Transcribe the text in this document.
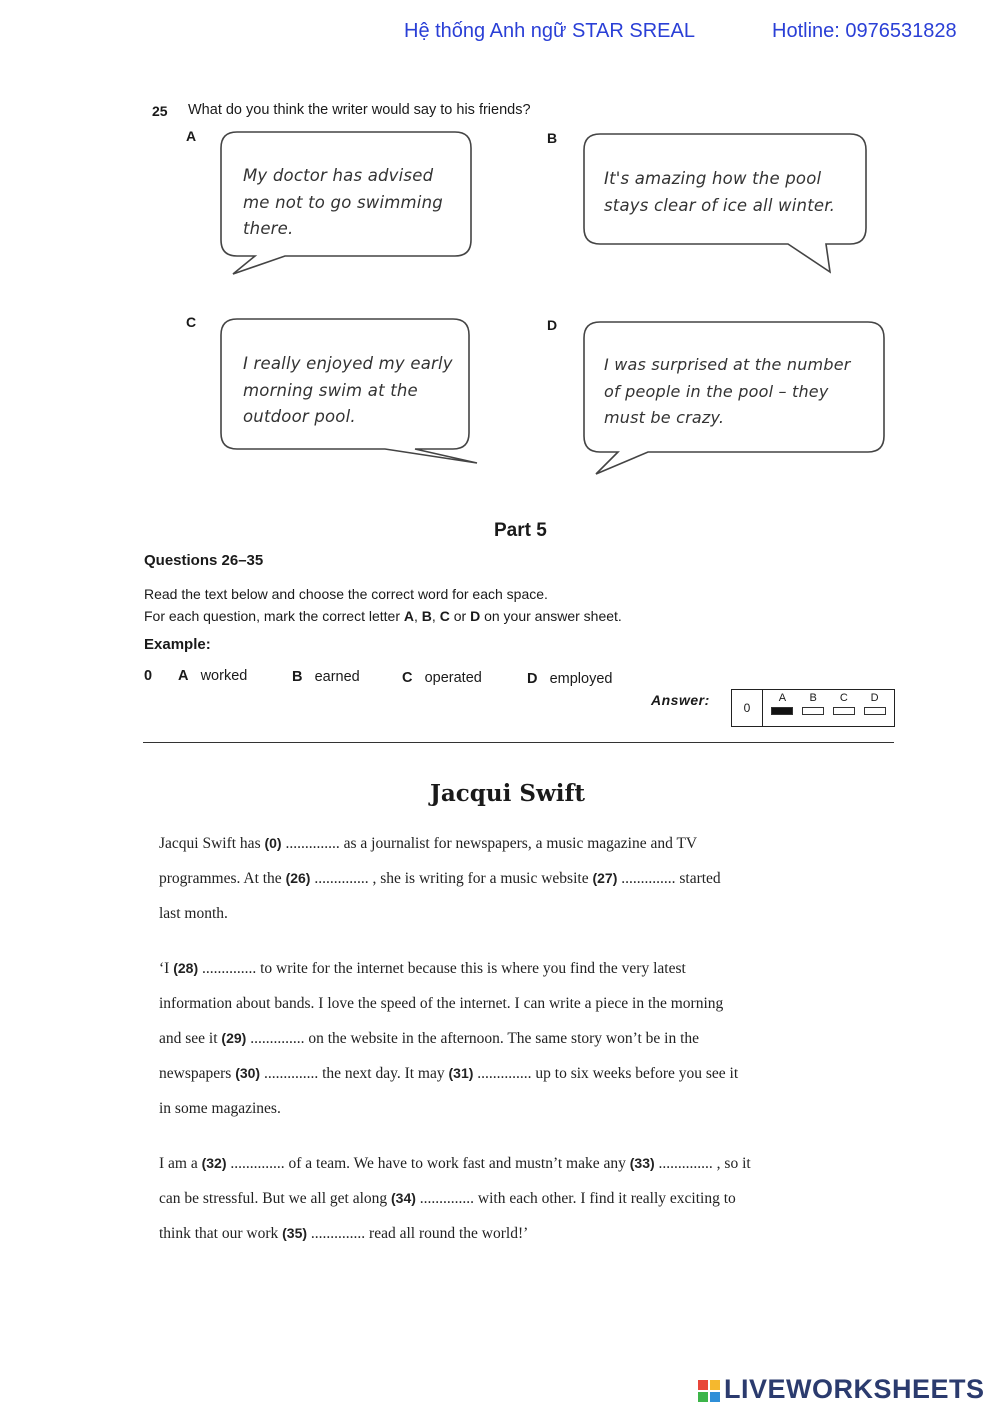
Hệ thống Anh ngữ STAR SREAL	Hotline: 0976531828
25 What do you think the writer would say to his friends?
A
My doctor has advised
me not to go swimming
there.
B
It's amazing how the pool
stays clear of ice all winter.
C
I really enjoyed my early
morning swim at the
outdoor pool.
D
I was surprised at the number
of people in the pool – they
must be crazy.
Part 5
Questions 26–35
Read the text below and choose the correct word for each space.
For each question, mark the correct letter A, B, C or D on your answer sheet.
Example:
0 A worked	B earned	C operated	D employed
Answer:	0
A B C D
Jacqui Swift

Jacqui Swift has (0) .............. as a journalist for newspapers, a music magazine and TV
programmes. At the (26) .............. , she is writing for a music website (27) .............. started
last month.

‘I (28) .............. to write for the internet because this is where you find the very latest
information about bands. I love the speed of the internet. I can write a piece in the morning
and see it (29) .............. on the website in the afternoon. The same story won’t be in the
newspapers (30) .............. the next day. It may (31) .............. up to six weeks before you see it
in some magazines.

I am a (32) .............. of a team. We have to work fast and mustn’t make any (33) .............. , so it
can be stressful. But we all get along (34) .............. with each other. I find it really exciting to
think that our work (35) .............. read all round the world!’

LIVEWORKSHEETS
